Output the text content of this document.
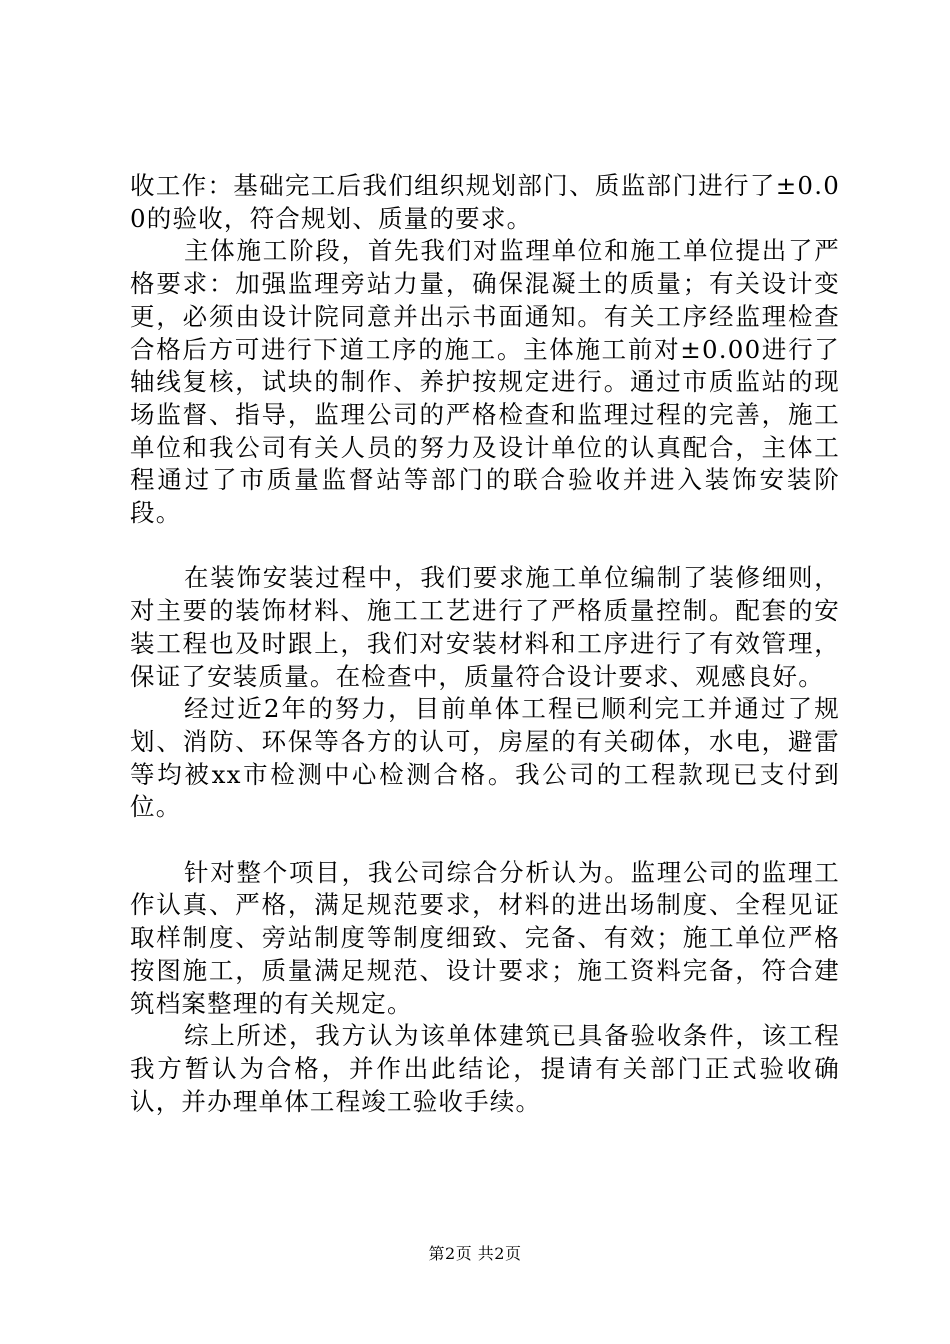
收工作：基础完工后我们组织规划部门、质监部门进行了±0.00的验收，符合规划、质量的要求。

主体施工阶段，首先我们对监理单位和施工单位提出了严格要求：加强监理旁站力量，确保混凝土的质量；有关设计变更，必须由设计院同意并出示书面通知。有关工序经监理检查合格后方可进行下道工序的施工。主体施工前对±0.00进行了轴线复核，试块的制作、养护按规定进行。通过市质监站的现场监督、指导，监理公司的严格检查和监理过程的完善，施工单位和我公司有关人员的努力及设计单位的认真配合，主体工程通过了市质量监督站等部门的联合验收并进入装饰安装阶段。

在装饰安装过程中，我们要求施工单位编制了装修细则，对主要的装饰材料、施工工艺进行了严格质量控制。配套的安装工程也及时跟上，我们对安装材料和工序进行了有效管理，保证了安装质量。在检查中，质量符合设计要求、观感良好。

经过近2年的努力，目前单体工程已顺利完工并通过了规划、消防、环保等各方的认可，房屋的有关砌体，水电，避雷等均被xx市检测中心检测合格。我公司的工程款现已支付到位。

针对整个项目，我公司综合分析认为。监理公司的监理工作认真、严格，满足规范要求，材料的进出场制度、全程见证取样制度、旁站制度等制度细致、完备、有效；施工单位严格按图施工，质量满足规范、设计要求；施工资料完备，符合建筑档案整理的有关规定。

综上所述，我方认为该单体建筑已具备验收条件，该工程我方暂认为合格，并作出此结论，提请有关部门正式验收确认，并办理单体工程竣工验收手续。

第2页 共2页
